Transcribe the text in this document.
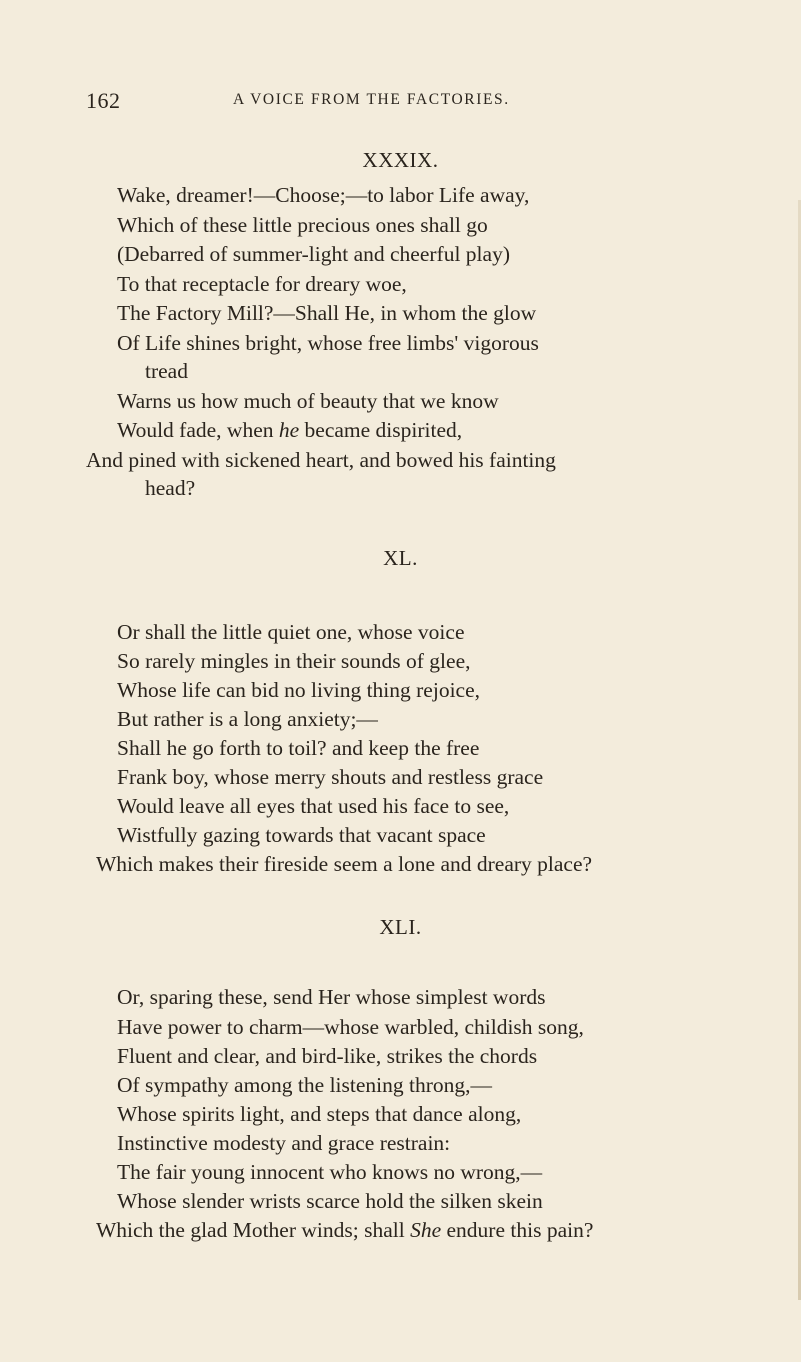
162	A VOICE FROM THE FACTORIES.
XXXIX.
Wake, dreamer!—Choose;—to labor Life away,
Which of these little precious ones shall go
(Debarred of summer-light and cheerful play)
To that receptacle for dreary woe,
The Factory Mill?—Shall He, in whom the glow
Of Life shines bright, whose free limbs' vigorous
tread
Warns us how much of beauty that we know
Would fade, when he became dispirited,
And pined with sickened heart, and bowed his fainting
head?
XL.
Or shall the little quiet one, whose voice
So rarely mingles in their sounds of glee,
Whose life can bid no living thing rejoice,
But rather is a long anxiety;—
Shall he go forth to toil? and keep the free
Frank boy, whose merry shouts and restless grace
Would leave all eyes that used his face to see,
Wistfully gazing towards that vacant space
Which makes their fireside seem a lone and dreary place?
XLI.
Or, sparing these, send Her whose simplest words
Have power to charm—whose warbled, childish song,
Fluent and clear, and bird-like, strikes the chords
Of sympathy among the listening throng,—
Whose spirits light, and steps that dance along,
Instinctive modesty and grace restrain:
The fair young innocent who knows no wrong,—
Whose slender wrists scarce hold the silken skein
Which the glad Mother winds; shall She endure this pain?
